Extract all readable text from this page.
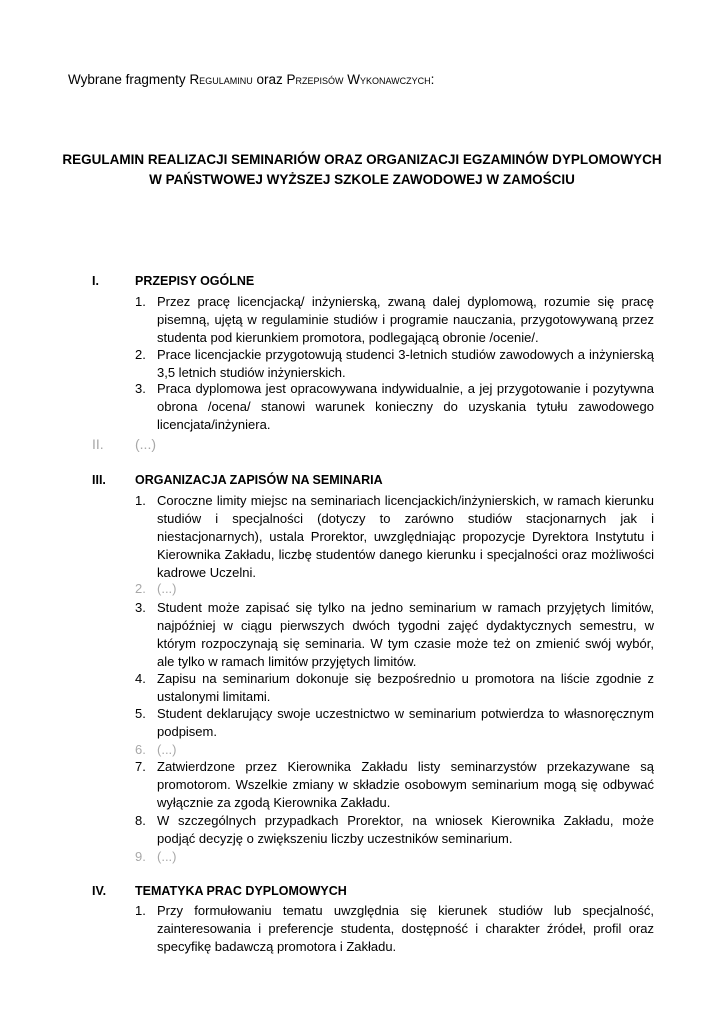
Wybrane fragmenty Regulaminu oraz Przepisów Wykonawczych:
REGULAMIN REALIZACJI SEMINARIÓW ORAZ ORGANIZACJI EGZAMINÓW DYPLOMOWYCH W PAŃSTWOWEJ WYŻSZEJ SZKOLE ZAWODOWEJ W ZAMOŚCIU
I.	PRZEPISY OGÓLNE
1. Przez pracę licencjacką/ inżynierską, zwaną dalej dyplomową, rozumie się pracę pisemną, ujętą w regulaminie studiów i programie nauczania, przygotowywaną przez studenta pod kierunkiem promotora, podlegającą obronie /ocenie/.
2. Prace licencjackie przygotowują studenci 3-letnich studiów zawodowych a inżynierską 3,5 letnich studiów inżynierskich.
3. Praca dyplomowa jest opracowywana indywidualnie, a jej przygotowanie i pozytywna obrona /ocena/ stanowi warunek konieczny do uzyskania tytułu zawodowego licencjata/inżyniera.
II. (...)
III. ORGANIZACJA ZAPISÓW NA SEMINARIA
1. Coroczne limity miejsc na seminariach licencjackich/inżynierskich, w ramach kierunku studiów i specjalności (dotyczy to zarówno studiów stacjonarnych jak i niestacjonarnych), ustala Prorektor, uwzględniając propozycje Dyrektora Instytutu i Kierownika Zakładu, liczbę studentów danego kierunku i specjalności oraz możliwości kadrowe Uczelni.
2. (...)
3. Student może zapisać się tylko na jedno seminarium w ramach przyjętych limitów, najpóźniej w ciągu pierwszych dwóch tygodni zajęć dydaktycznych semestru, w którym rozpoczynają się seminaria. W tym czasie może też on zmienić swój wybór, ale tylko w ramach limitów przyjętych limitów.
4. Zapisu na seminarium dokonuje się bezpośrednio u promotora na liście zgodnie z ustalonymi limitami.
5. Student deklarujący swoje uczestnictwo w seminarium potwierdza to własnoręcznym podpisem.
6. (...)
7. Zatwierdzone przez Kierownika Zakładu listy seminarzystów przekazywane są promotorom. Wszelkie zmiany w składzie osobowym seminarium mogą się odbywać wyłącznie za zgodą Kierownika Zakładu.
8. W szczególnych przypadkach Prorektor, na wniosek Kierownika Zakładu, może podjąć decyzję o zwiększeniu liczby uczestników seminarium.
9. (...)
IV. TEMATYKA PRAC DYPLOMOWYCH
1. Przy formułowaniu tematu uwzględnia się kierunek studiów lub specjalność, zainteresowania i preferencje studenta, dostępność i charakter źródeł, profil oraz specyfikę badawczą promotora i Zakładu.
